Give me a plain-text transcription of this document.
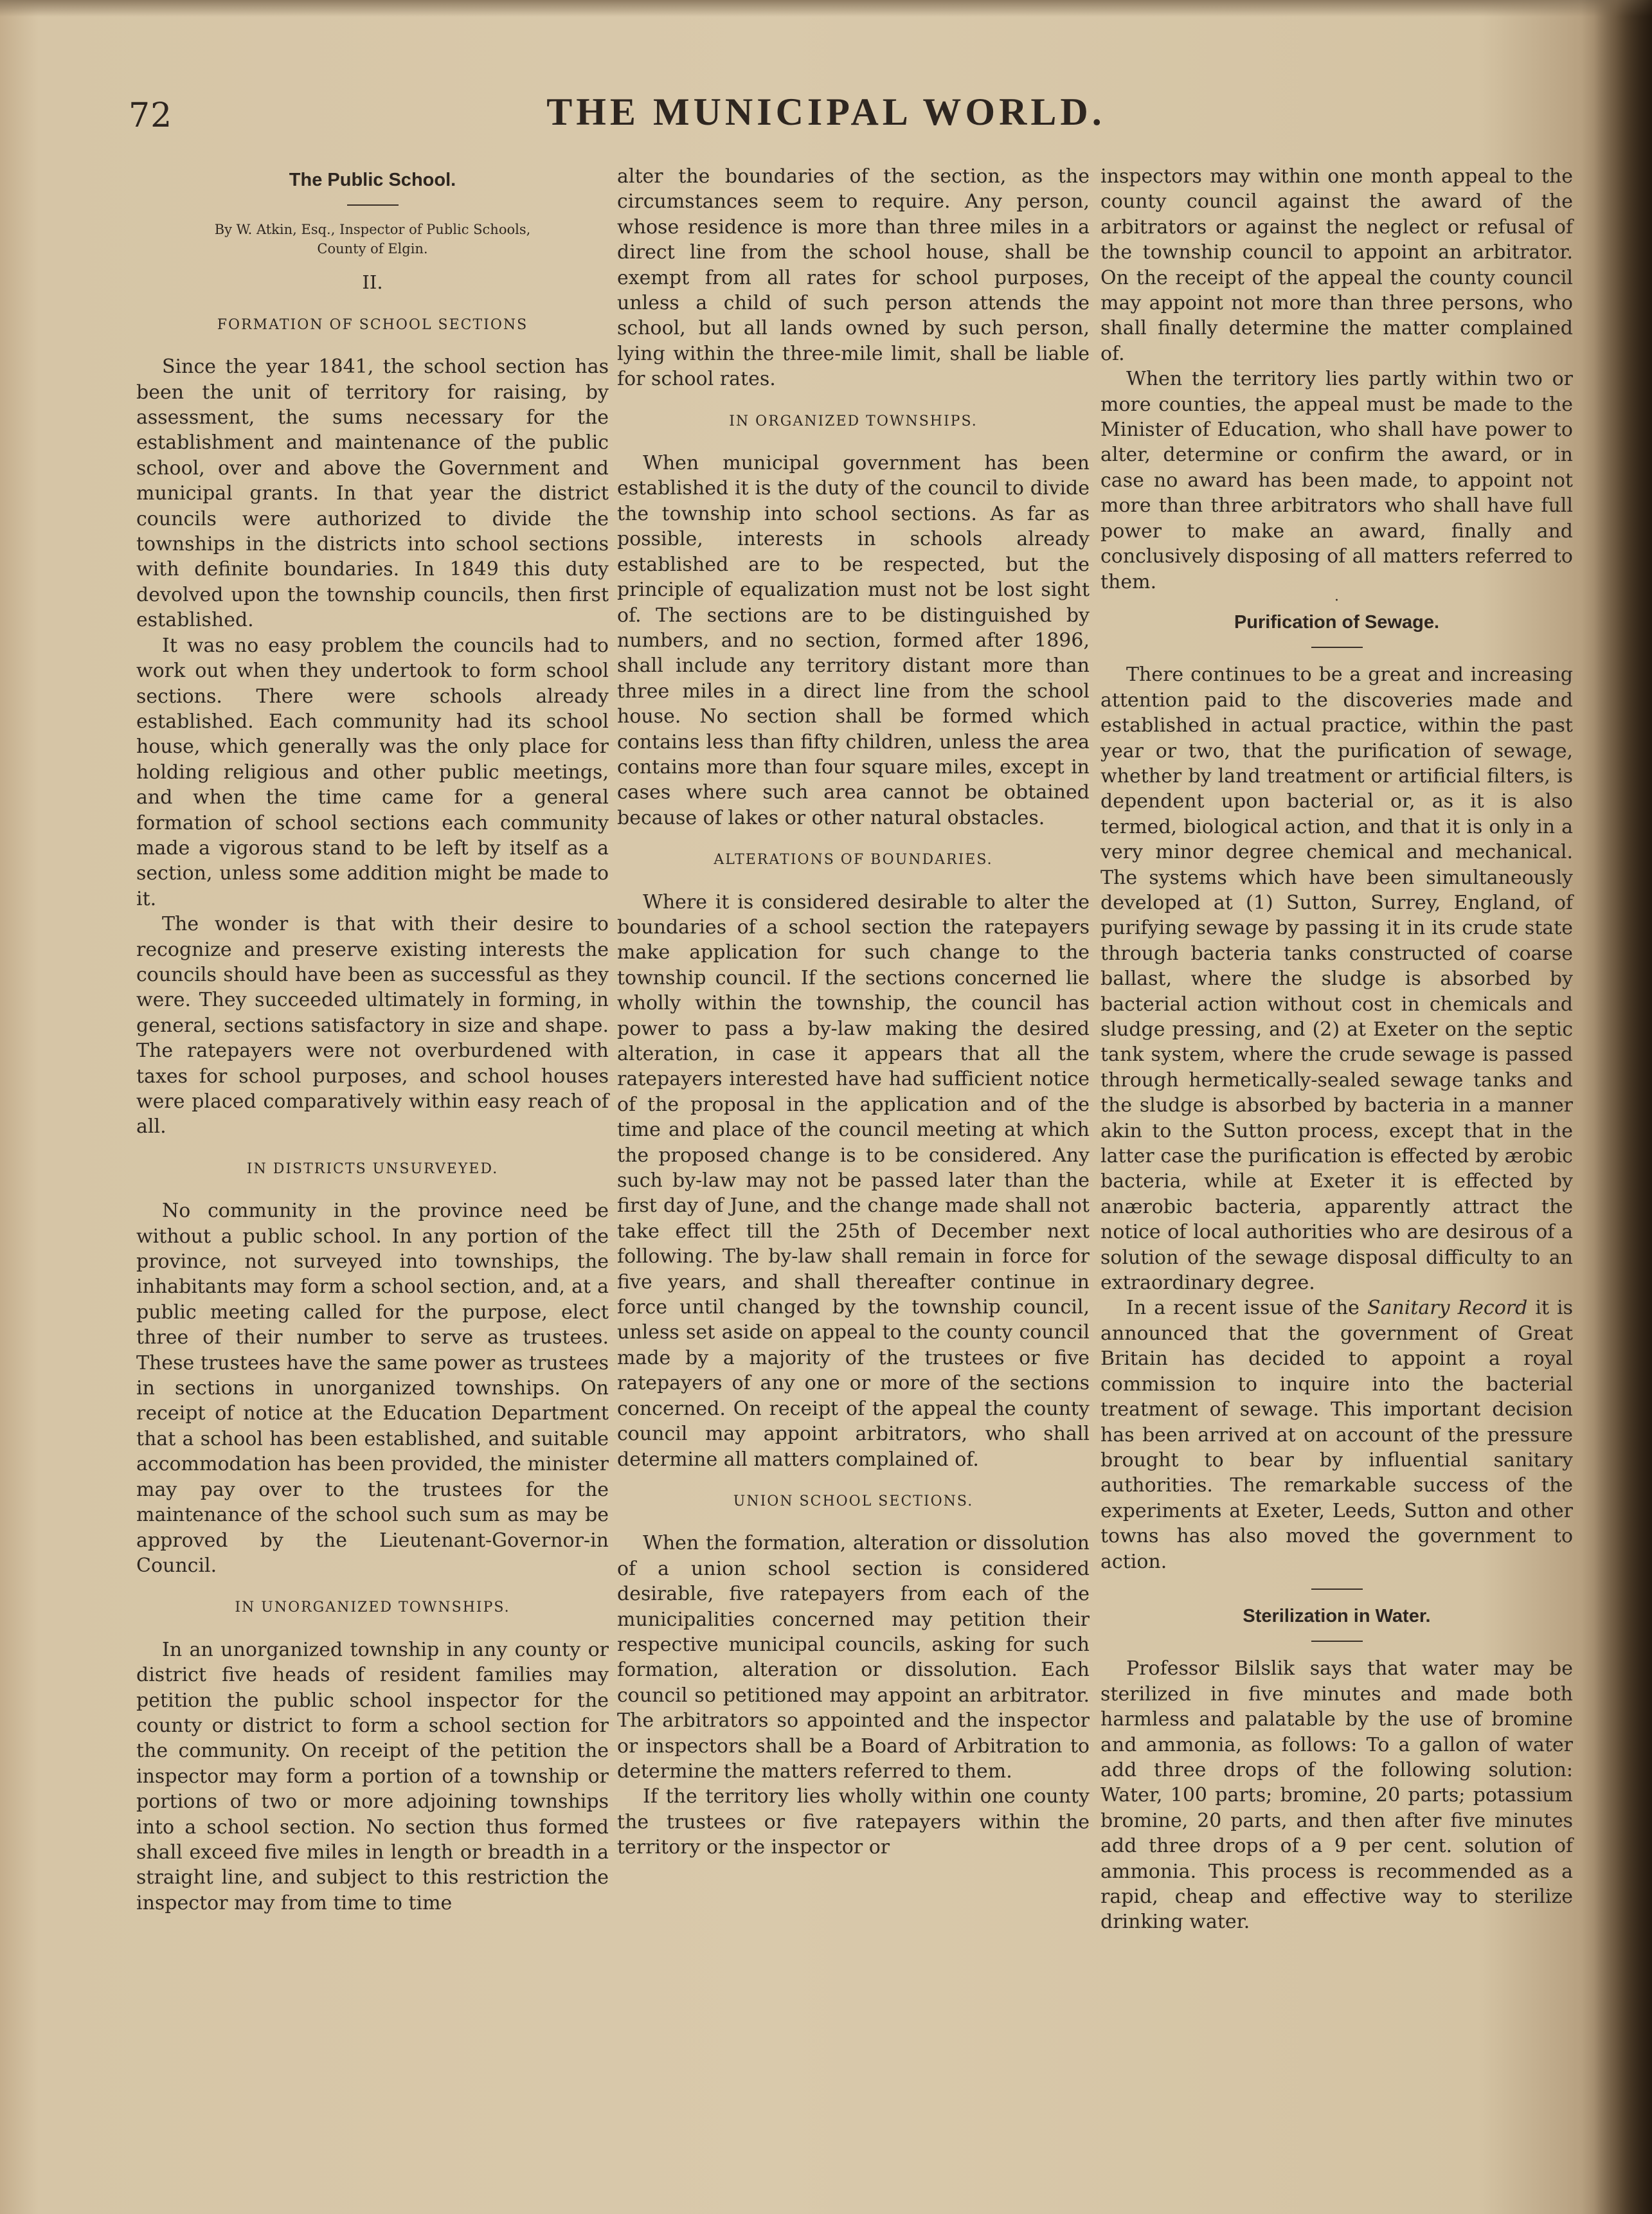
72	THE MUNICIPAL WORLD.
The Public School.
By W. Atkin, Esq., Inspector of Public Schools,
County of Elgin.
II.
FORMATION OF SCHOOL SECTIONS

Since the year 1841, the school section has been the unit of territory for raising, by assessment, the sums necessary for the establishment and maintenance of the public school, over and above the Government and municipal grants. In that year the district councils were authorized to divide the townships in the districts into school sections with definite boundaries. In 1849 this duty devolved upon the township councils, then first established.

It was no easy problem the councils had to work out when they undertook to form school sections. There were schools already established. Each community had its school house, which generally was the only place for holding religious and other public meetings, and when the time came for a general formation of school sections each community made a vigorous stand to be left by itself as a section, unless some addition might be made to it.

The wonder is that with their desire to recognize and preserve existing interests the councils should have been as successful as they were. They succeeded ultimately in forming, in general, sections satisfactory in size and shape. The ratepayers were not overburdened with taxes for school purposes, and school houses were placed comparatively within easy reach of all.

IN DISTRICTS UNSURVEYED.

No community in the province need be without a public school. In any portion of the province, not surveyed into townships, the inhabitants may form a school section, and, at a public meeting called for the purpose, elect three of their number to serve as trustees. These trustees have the same power as trustees in sections in unorganized townships. On receipt of notice at the Education Department that a school has been established, and suitable accommodation has been provided, the minister may pay over to the trustees for the maintenance of the school such sum as may be approved by the Lieutenant-Governor-in Council.

IN UNORGANIZED TOWNSHIPS.

In an unorganized township in any county or district five heads of resident families may petition the public school inspector for the county or district to form a school section for the community. On receipt of the petition the inspector may form a portion of a township or portions of two or more adjoining townships into a school section. No section thus formed shall exceed five miles in length or breadth in a straight line, and subject to this restriction the inspector may from time to time

alter the boundaries of the section, as the circumstances seem to require. Any person, whose residence is more than three miles in a direct line from the school house, shall be exempt from all rates for school purposes, unless a child of such person attends the school, but all lands owned by such person, lying within the three-mile limit, shall be liable for school rates.

IN ORGANIZED TOWNSHIPS.

When municipal government has been established it is the duty of the council to divide the township into school sections. As far as possible, interests in schools already established are to be respected, but the principle of equalization must not be lost sight of. The sections are to be distinguished by numbers, and no section, formed after 1896, shall include any territory distant more than three miles in a direct line from the school house. No section shall be formed which contains less than fifty children, unless the area contains more than four square miles, except in cases where such area cannot be obtained because of lakes or other natural obstacles.

ALTERATIONS OF BOUNDARIES.

Where it is considered desirable to alter the boundaries of a school section the ratepayers make application for such change to the township council. If the sections concerned lie wholly within the township, the council has power to pass a by-law making the desired alteration, in case it appears that all the ratepayers interested have had sufficient notice of the proposal in the application and of the time and place of the council meeting at which the proposed change is to be considered. Any such by-law may not be passed later than the first day of June, and the change made shall not take effect till the 25th of December next following. The by-law shall remain in force for five years, and shall thereafter continue in force until changed by the township council, unless set aside on appeal to the county council made by a majority of the trustees or five ratepayers of any one or more of the sections concerned. On receipt of the appeal the county council may appoint arbitrators, who shall determine all matters complained of.

UNION SCHOOL SECTIONS.

When the formation, alteration or dissolution of a union school section is considered desirable, five ratepayers from each of the municipalities concerned may petition their respective municipal councils, asking for such formation, alteration or dissolution. Each council so petitioned may appoint an arbitrator. The arbitrators so appointed and the inspector or inspectors shall be a Board of Arbitration to determine the matters referred to them.

If the territory lies wholly within one county the trustees or five ratepayers within the territory or the inspector or

inspectors may within one month appeal to the county council against the award of the arbitrators or against the neglect or refusal of the township council to appoint an arbitrator. On the receipt of the appeal the county council may appoint not more than three persons, who shall finally determine the matter complained of.

When the territory lies partly within two or more counties, the appeal must be made to the Minister of Education, who shall have power to alter, determine or confirm the award, or in case no award has been made, to appoint not more than three arbitrators who shall have full power to make an award, finally and conclusively disposing of all matters referred to them.

·
Purification of Sewage.

There continues to be a great and increasing attention paid to the discoveries made and established in actual practice, within the past year or two, that the purification of sewage, whether by land treatment or artificial filters, is dependent upon bacterial or, as it is also termed, biological action, and that it is only in a very minor degree chemical and mechanical. The systems which have been simultaneously developed at (1) Sutton, Surrey, England, of purifying sewage by passing it in its crude state through bacteria tanks constructed of coarse ballast, where the sludge is absorbed by bacterial action without cost in chemicals and sludge pressing, and (2) at Exeter on the septic tank system, where the crude sewage is passed through hermetically-sealed sewage tanks and the sludge is absorbed by bacteria in a manner akin to the Sutton process, except that in the latter case the purification is effected by ærobic bacteria, while at Exeter it is effected by anærobic bacteria, apparently attract the notice of local authorities who are desirous of a solution of the sewage disposal difficulty to an extraordinary degree.

In a recent issue of the Sanitary Record it is announced that the government of Great Britain has decided to appoint a royal commission to inquire into the bacterial treatment of sewage. This important decision has been arrived at on account of the pressure brought to bear by influential sanitary authorities. The remarkable success of the experiments at Exeter, Leeds, Sutton and other towns has also moved the government to action.

Sterilization in Water.

Professor Bilslik says that water may be sterilized in five minutes and made both harmless and palatable by the use of bromine and ammonia, as follows: To a gallon of water add three drops of the following solution: Water, 100 parts; bromine, 20 parts; potassium bromine, 20 parts, and then after five minutes add three drops of a 9 per cent. solution of ammonia. This process is recommended as a rapid, cheap and effective way to sterilize drinking water.
